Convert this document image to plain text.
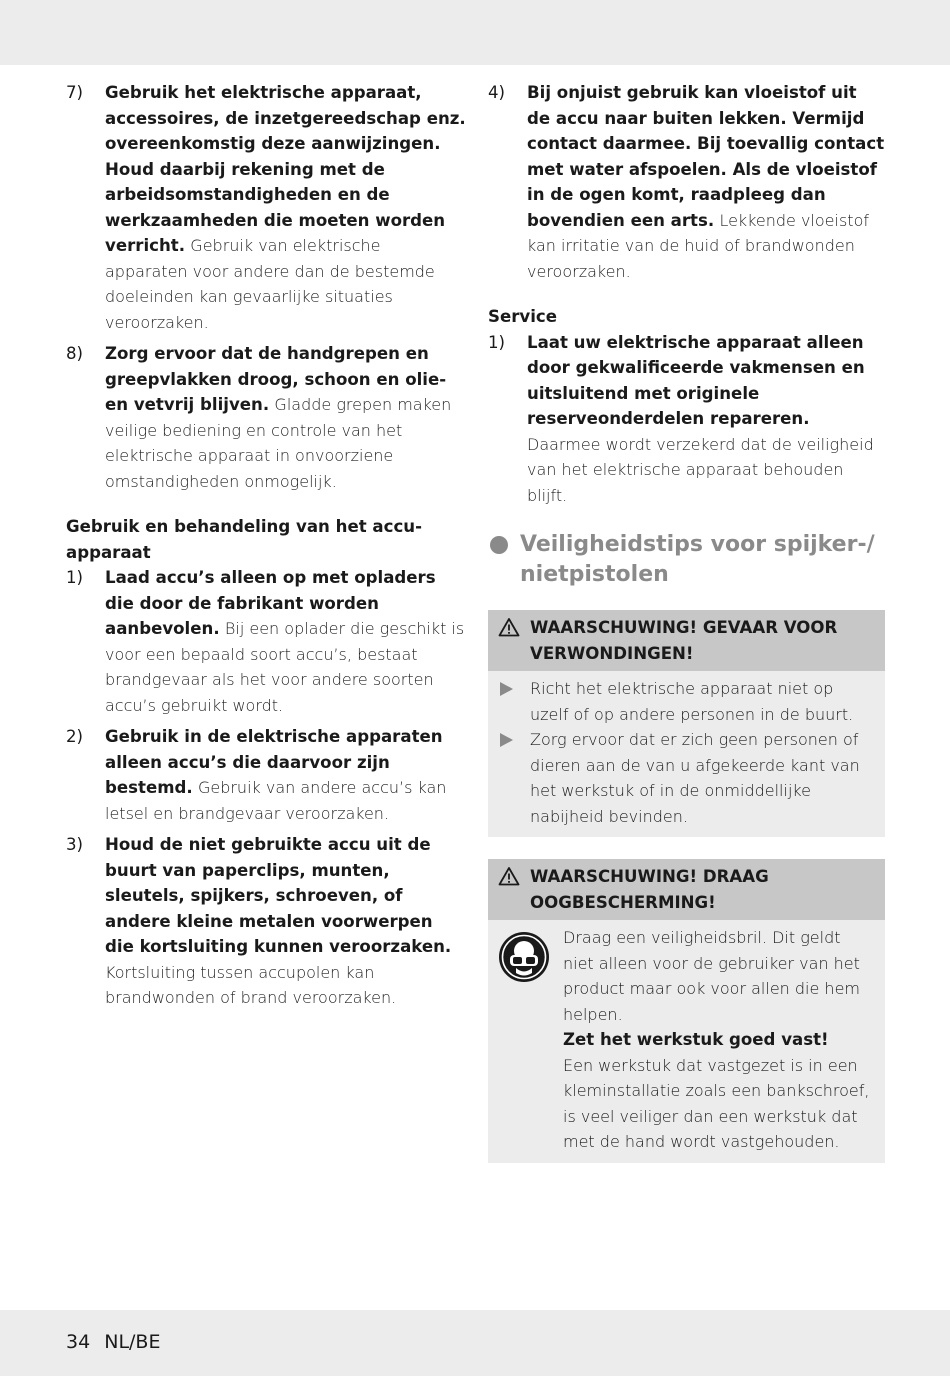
7) Gebruik het elektrische apparaat, accessoires, de inzetgereedschap enz. overeenkomstig deze aanwijzingen. Houd daarbij rekening met de arbeidsomstandigheden en de werkzaamheden die moeten worden verricht. Gebruik van elektrische apparaten voor andere dan de bestemde doeleinden kan gevaarlijke situaties veroorzaken.
8) Zorg ervoor dat de handgrepen en greepvlakken droog, schoon en olie-en vetvrij blijven. Gladde grepen maken veilige bediening en controle van het elektrische apparaat in onvoorziene omstandigheden onmogelijk.
Gebruik en behandeling van het accu-apparaat
1) Laad accu’s alleen op met opladers die door de fabrikant worden aanbevolen. Bij een oplader die geschikt is voor een bepaald soort accu’s, bestaat brandgevaar als het voor andere soorten accu’s gebruikt wordt.
2) Gebruik in de elektrische apparaten alleen accu’s die daarvoor zijn bestemd. Gebruik van andere accu’s kan letsel en brandgevaar veroorzaken.
3) Houd de niet gebruikte accu uit de buurt van paperclips, munten, sleutels, spijkers, schroeven, of andere kleine metalen voorwerpen die kortsluiting kunnen veroorzaken. Kortsluiting tussen accupolen kan brandwonden of brand veroorzaken.
4) Bij onjuist gebruik kan vloeistof uit de accu naar buiten lekken. Vermijd contact daarmee. Bij toevallig contact met water afspoelen. Als de vloeistof in de ogen komt, raadpleeg dan bovendien een arts. Lekkende vloeistof kan irritatie van de huid of brandwonden veroorzaken.
Service
1) Laat uw elektrische apparaat alleen door gekwalificeerde vakmensen en uitsluitend met originele reserveonderdelen repareren. Daarmee wordt verzekerd dat de veiligheid van het elektrische apparaat behouden blijft.
Veiligheidstips voor spijker-/ nietpistolen
WAARSCHUWING! GEVAAR VOOR VERWONDINGEN!
Richt het elektrische apparaat niet op uzelf of op andere personen in de buurt.
Zorg ervoor dat er zich geen personen of dieren aan de van u afgekeerde kant van het werkstuk of in de onmiddellijke nabijheid bevinden.
WAARSCHUWING! DRAAG OOGBESCHERMING!
Draag een veiligheidsbril. Dit geldt niet alleen voor de gebruiker van het product maar ook voor allen die hem helpen.
Zet het werkstuk goed vast!
Een werkstuk dat vastgezet is in een kleminstallatie zoals een bankschroef, is veel veiliger dan een werkstuk dat met de hand wordt vastgehouden.
34 NL/BE
